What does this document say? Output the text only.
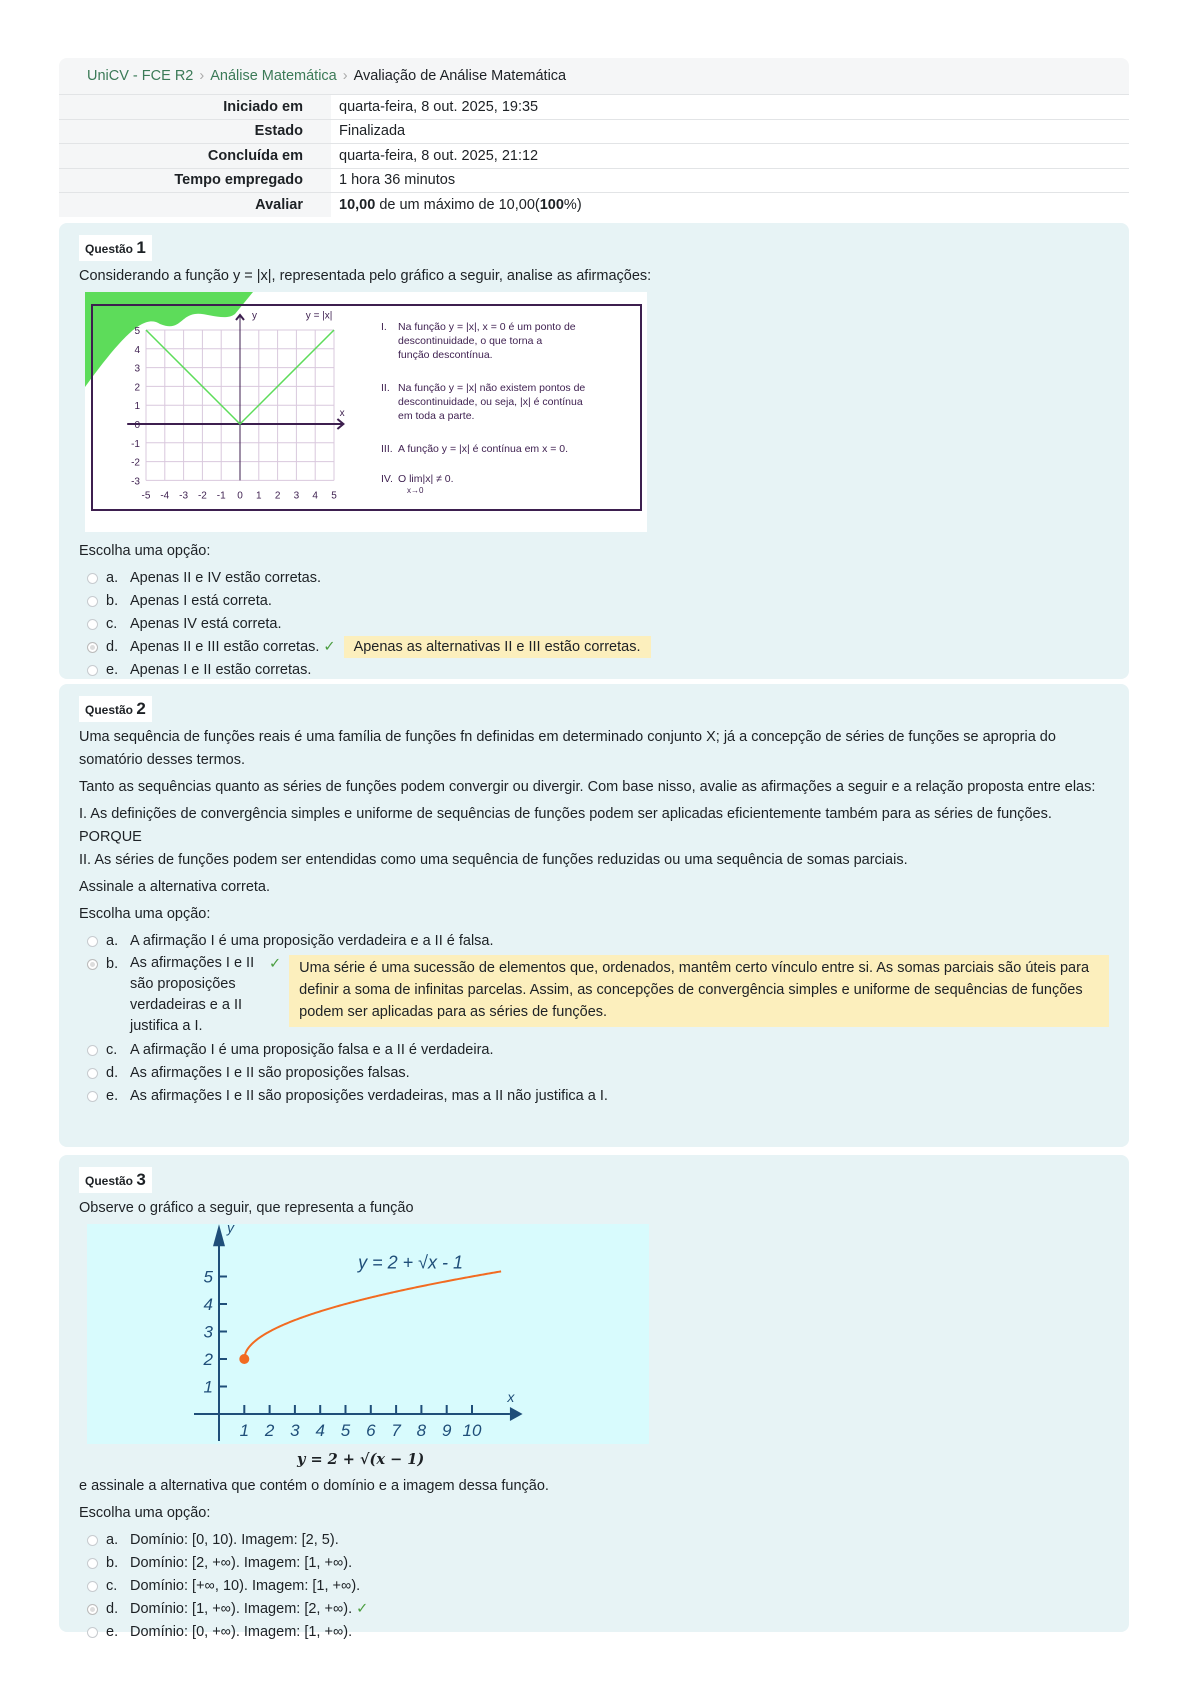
UniCV - FCE R2 › Análise Matemática › Avaliação de Análise Matemática
Iniciado em	quarta-feira, 8 out. 2025, 19:35
Estado	Finalizada
Concluída em	quarta-feira, 8 out. 2025, 21:12
Tempo empregado	1 hora 36 minutos
Avaliar	10,00 de um máximo de 10,00(100%)
Questão 1

Considerando a função y = |x|, representada pelo gráfico a seguir, analise as afirmações:

-5 -4 -3 -2 -1 0 1 2 3 4 5
5
4
3
2
1
0
-1
-2
-3
y
x
y = |x|
I. Na função y = |x|, x = 0 é um ponto de
descontinuidade, o que torna a
função descontínua.
II. Na função y = |x| não existem pontos de
descontinuidade, ou seja, |x| é contínua
em toda a parte.
III. A função y = |x| é contínua em x = 0.
IV. O lim|x| ≠ 0.
x→0

Escolha uma opção:

a. Apenas II e IV estão corretas.
b. Apenas I está correta.
c. Apenas IV está correta.
d. Apenas II e III estão corretas. ✓	Apenas as alternativas II e III estão corretas.
e. Apenas I e II estão corretas.
Questão 2

Uma sequência de funções reais é uma família de funções fn definidas em determinado conjunto X; já a concepção de séries de funções se apropria do somatório desses termos.

Tanto as sequências quanto as séries de funções podem convergir ou divergir. Com base nisso, avalie as afirmações a seguir e a relação proposta entre elas:

I. As definições de convergência simples e uniforme de sequências de funções podem ser aplicadas eficientemente também para as séries de funções.

PORQUE

II. As séries de funções podem ser entendidas como uma sequência de funções reduzidas ou uma sequência de somas parciais.

Assinale a alternativa correta.

Escolha uma opção:

a. A afirmação I é uma proposição verdadeira e a II é falsa.
b. As afirmações I e II são proposições verdadeiras e a II justifica a I.
✓	Uma série é uma sucessão de elementos que, ordenados, mantêm certo vínculo entre si. As somas parciais são úteis para definir a soma de infinitas parcelas. Assim, as concepções de convergência simples e uniforme de sequências de funções podem ser aplicadas para as séries de funções.
c. A afirmação I é uma proposição falsa e a II é verdadeira.
d. As afirmações I e II são proposições falsas.
e. As afirmações I e II são proposições verdadeiras, mas a II não justifica a I.
Questão 3

Observe o gráfico a seguir, que representa a função

1 2 3 4 5 6 7 8 9 10
1
2
3
4
5
y
x
y = 2 + √x - 1

y = 2 + √(x − 1)

e assinale a alternativa que contém o domínio e a imagem dessa função.

Escolha uma opção:

a. Domínio: [0, 10). Imagem: [2, 5).
b. Domínio: [2, +∞). Imagem: [1, +∞).
c. Domínio: [+∞, 10). Imagem: [1, +∞).
d. Domínio: [1, +∞). Imagem: [2, +∞). ✓
e. Domínio: [0, +∞). Imagem: [1, +∞).
